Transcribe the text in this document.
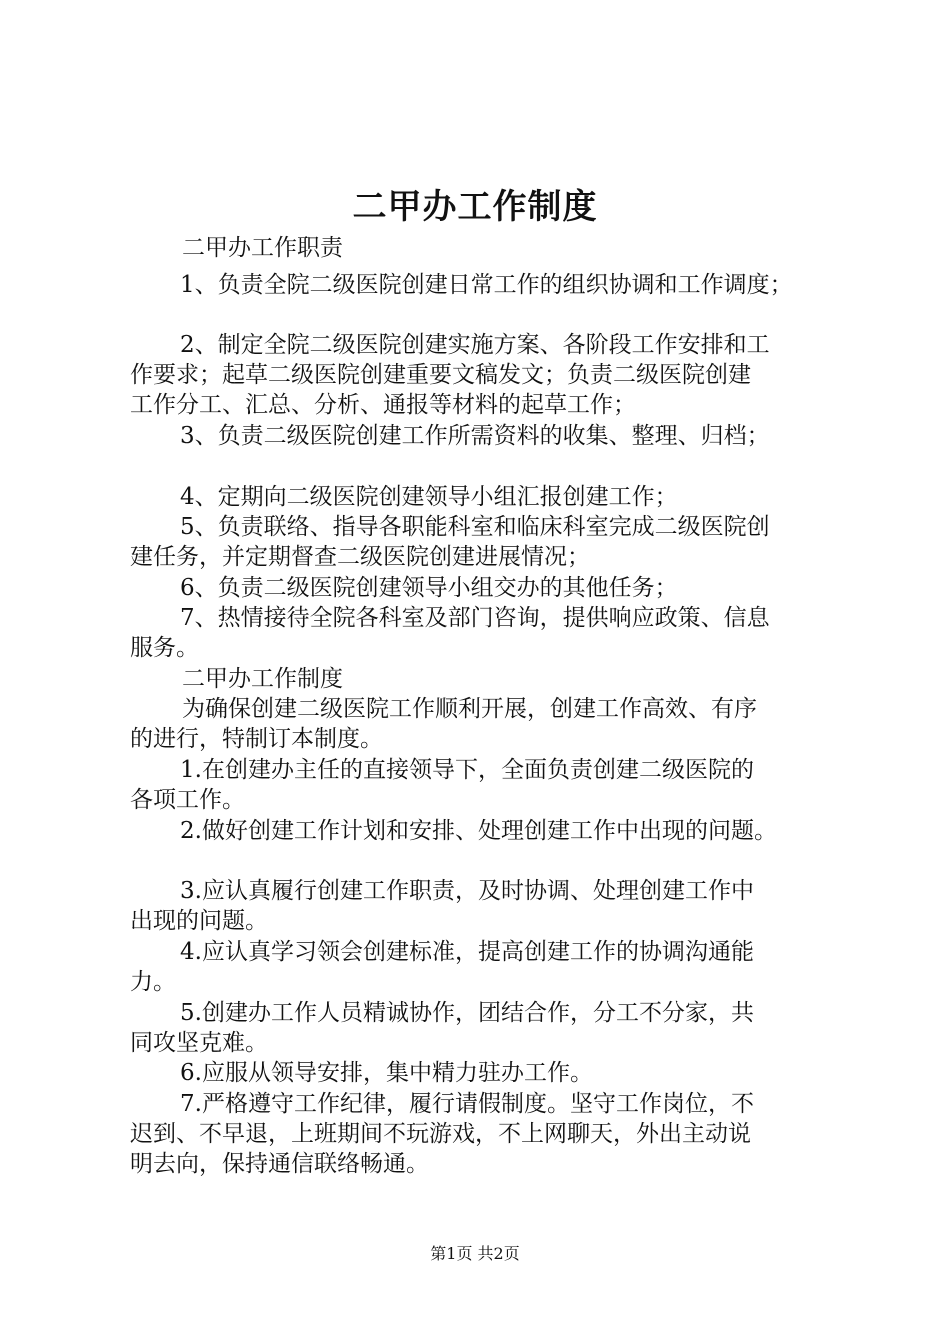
二甲办工作制度

二甲办工作职责

1、负责全院二级医院创建日常工作的组织协调和工作调度；

2、制定全院二级医院创建实施方案、各阶段工作安排和工

作要求；起草二级医院创建重要文稿发文；负责二级医院创建

工作分工、汇总、分析、通报等材料的起草工作；

3、负责二级医院创建工作所需资料的收集、整理、归档；

4、定期向二级医院创建领导小组汇报创建工作；

5、负责联络、指导各职能科室和临床科室完成二级医院创

建任务，并定期督查二级医院创建进展情况；

6、负责二级医院创建领导小组交办的其他任务；

7、热情接待全院各科室及部门咨询，提供响应政策、信息

服务。

二甲办工作制度

为确保创建二级医院工作顺利开展，创建工作高效、有序

的进行，特制订本制度。

1.在创建办主任的直接领导下，全面负责创建二级医院的

各项工作。

2.做好创建工作计划和安排、处理创建工作中出现的问题。

3.应认真履行创建工作职责，及时协调、处理创建工作中

出现的问题。

4.应认真学习领会创建标准，提高创建工作的协调沟通能

力。

5.创建办工作人员精诚协作，团结合作，分工不分家，共

同攻坚克难。

6.应服从领导安排，集中精力驻办工作。

7.严格遵守工作纪律，履行请假制度。坚守工作岗位，不

迟到、不早退，上班期间不玩游戏，不上网聊天，外出主动说

明去向，保持通信联络畅通。

第1页 共2页
